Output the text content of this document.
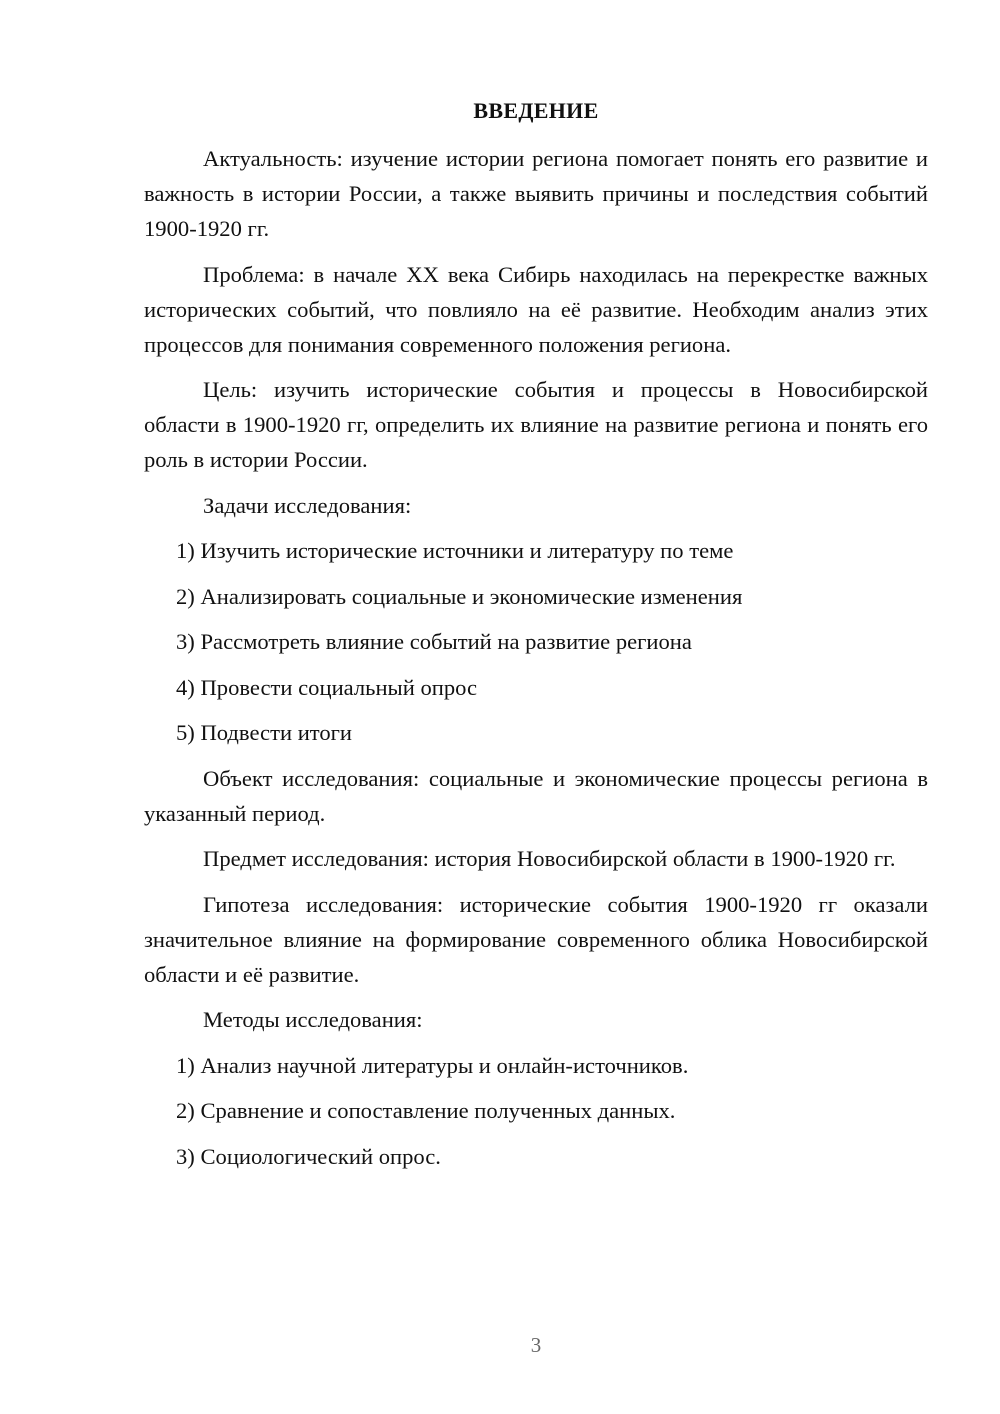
ВВЕДЕНИЕ

Актуальность: изучение истории региона помогает понять его развитие и важность в истории России, а также выявить причины и последствия событий 1900-1920 гг.

Проблема: в начале XX века Сибирь находилась на перекрестке важных исторических событий, что повлияло на её развитие. Необходим анализ этих процессов для понимания современного положения региона.

Цель: изучить исторические события и процессы в Новосибирской области в 1900-1920 гг, определить их влияние на развитие региона и понять его роль в истории России.

Задачи исследования:

1) Изучить исторические источники и литературу по теме

2) Анализировать социальные и экономические изменения

3) Рассмотреть влияние событий на развитие региона

4) Провести социальный опрос

5) Подвести итоги

Объект исследования: социальные и экономические процессы региона в указанный период.

Предмет исследования: история Новосибирской области в 1900-1920 гг.

Гипотеза исследования: исторические события 1900-1920 гг оказали значительное влияние на формирование современного облика Новосибирской области и её развитие.

Методы исследования:

1) Анализ научной литературы и онлайн-источников.

2) Сравнение и сопоставление полученных данных.

3) Социологический опрос.

3
